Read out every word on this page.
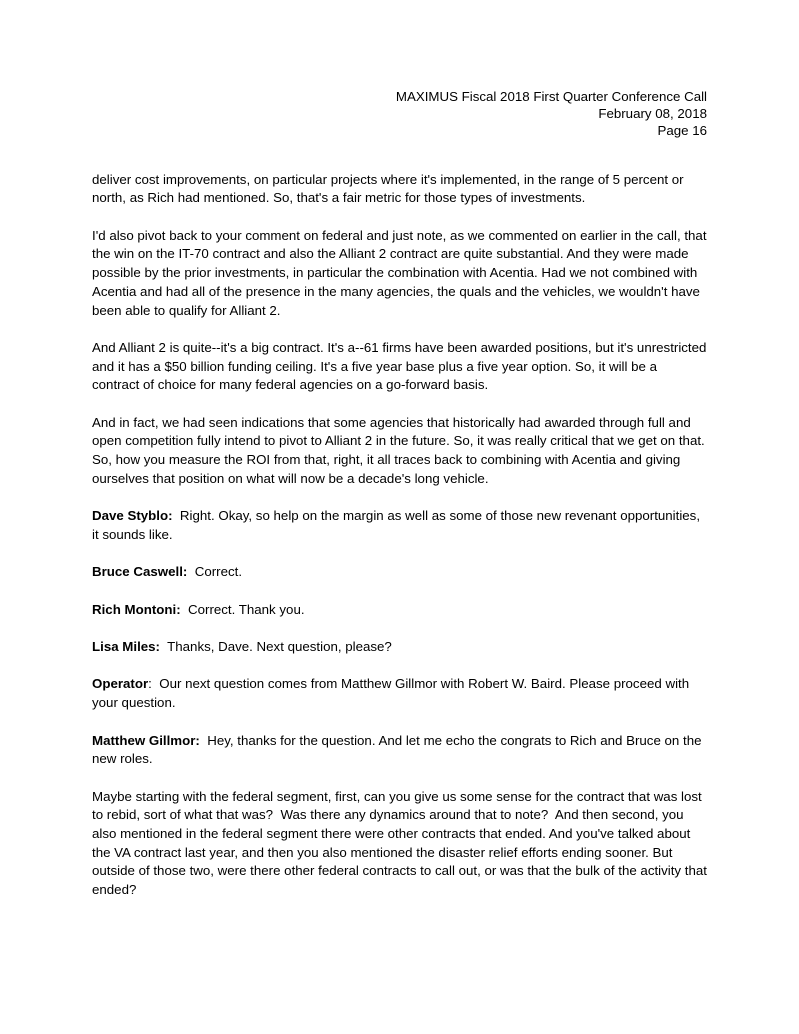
MAXIMUS Fiscal 2018 First Quarter Conference Call
February 08, 2018
Page 16

deliver cost improvements, on particular projects where it's implemented, in the range of 5 percent or north, as Rich had mentioned. So, that's a fair metric for those types of investments.

I'd also pivot back to your comment on federal and just note, as we commented on earlier in the call, that the win on the IT-70 contract and also the Alliant 2 contract are quite substantial. And they were made possible by the prior investments, in particular the combination with Acentia. Had we not combined with Acentia and had all of the presence in the many agencies, the quals and the vehicles, we wouldn't have been able to qualify for Alliant 2.

And Alliant 2 is quite--it's a big contract. It's a--61 firms have been awarded positions, but it's unrestricted and it has a $50 billion funding ceiling. It's a five year base plus a five year option. So, it will be a contract of choice for many federal agencies on a go-forward basis.

And in fact, we had seen indications that some agencies that historically had awarded through full and open competition fully intend to pivot to Alliant 2 in the future. So, it was really critical that we get on that. So, how you measure the ROI from that, right, it all traces back to combining with Acentia and giving ourselves that position on what will now be a decade's long vehicle.

Dave Styblo:  Right. Okay, so help on the margin as well as some of those new revenant opportunities, it sounds like.

Bruce Caswell:  Correct.

Rich Montoni:  Correct. Thank you.

Lisa Miles:  Thanks, Dave. Next question, please?

Operator:  Our next question comes from Matthew Gillmor with Robert W. Baird. Please proceed with your question.

Matthew Gillmor:  Hey, thanks for the question. And let me echo the congrats to Rich and Bruce on the new roles.

Maybe starting with the federal segment, first, can you give us some sense for the contract that was lost to rebid, sort of what that was?  Was there any dynamics around that to note?  And then second, you also mentioned in the federal segment there were other contracts that ended. And you've talked about the VA contract last year, and then you also mentioned the disaster relief efforts ending sooner. But outside of those two, were there other federal contracts to call out, or was that the bulk of the activity that ended?
